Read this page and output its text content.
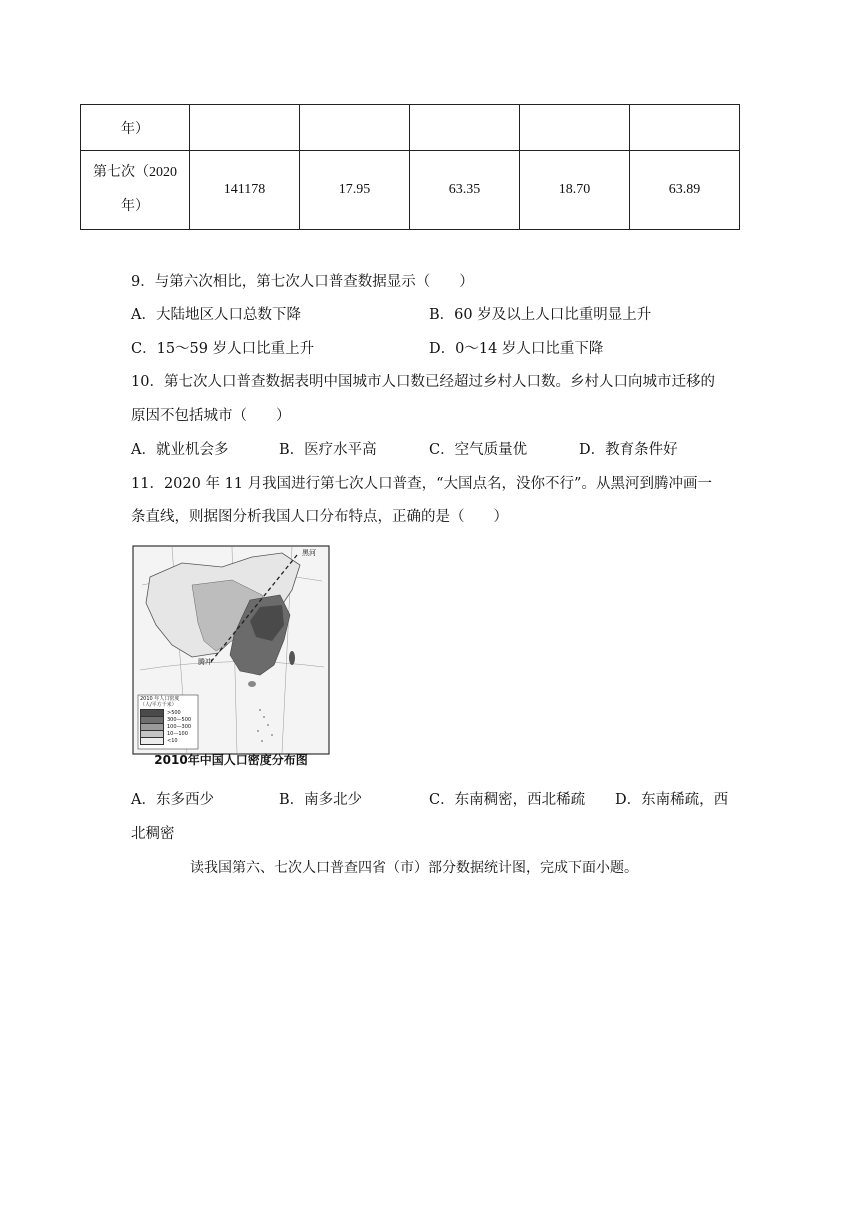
年）					

第七次（2020
年）	141178	17.95	63.35	18.70	63.89
9．与第六次相比，第七次人口普查数据显示（　　）
A．大陆地区人口总数下降	B．60 岁及以上人口比重明显上升
C．15～59 岁人口比重上升	D．0～14 岁人口比重下降
10．第七次人口普查数据表明中国城市人口数已经超过乡村人口数。乡村人口向城市迁移的
原因不包括城市（　　）
A．就业机会多	B．医疗水平高	C．空气质量优	D．教育条件好
11．2020 年 11 月我国进行第七次人口普查，“大国点名，没你不行”。从黑河到腾冲画一
条直线，则据图分析我国人口分布特点，正确的是（　　）
黑河
腾冲
2010 年人口密度
（人/平方千米）
>500
300—500
100—300
10—100
<10
2010年中国人口密度分布图
A．东多西少	B．南多北少	C．东南稠密，西北稀疏 D．东南稀疏，西
北稠密
读我国第六、七次人口普查四省（市）部分数据统计图，完成下面小题。
